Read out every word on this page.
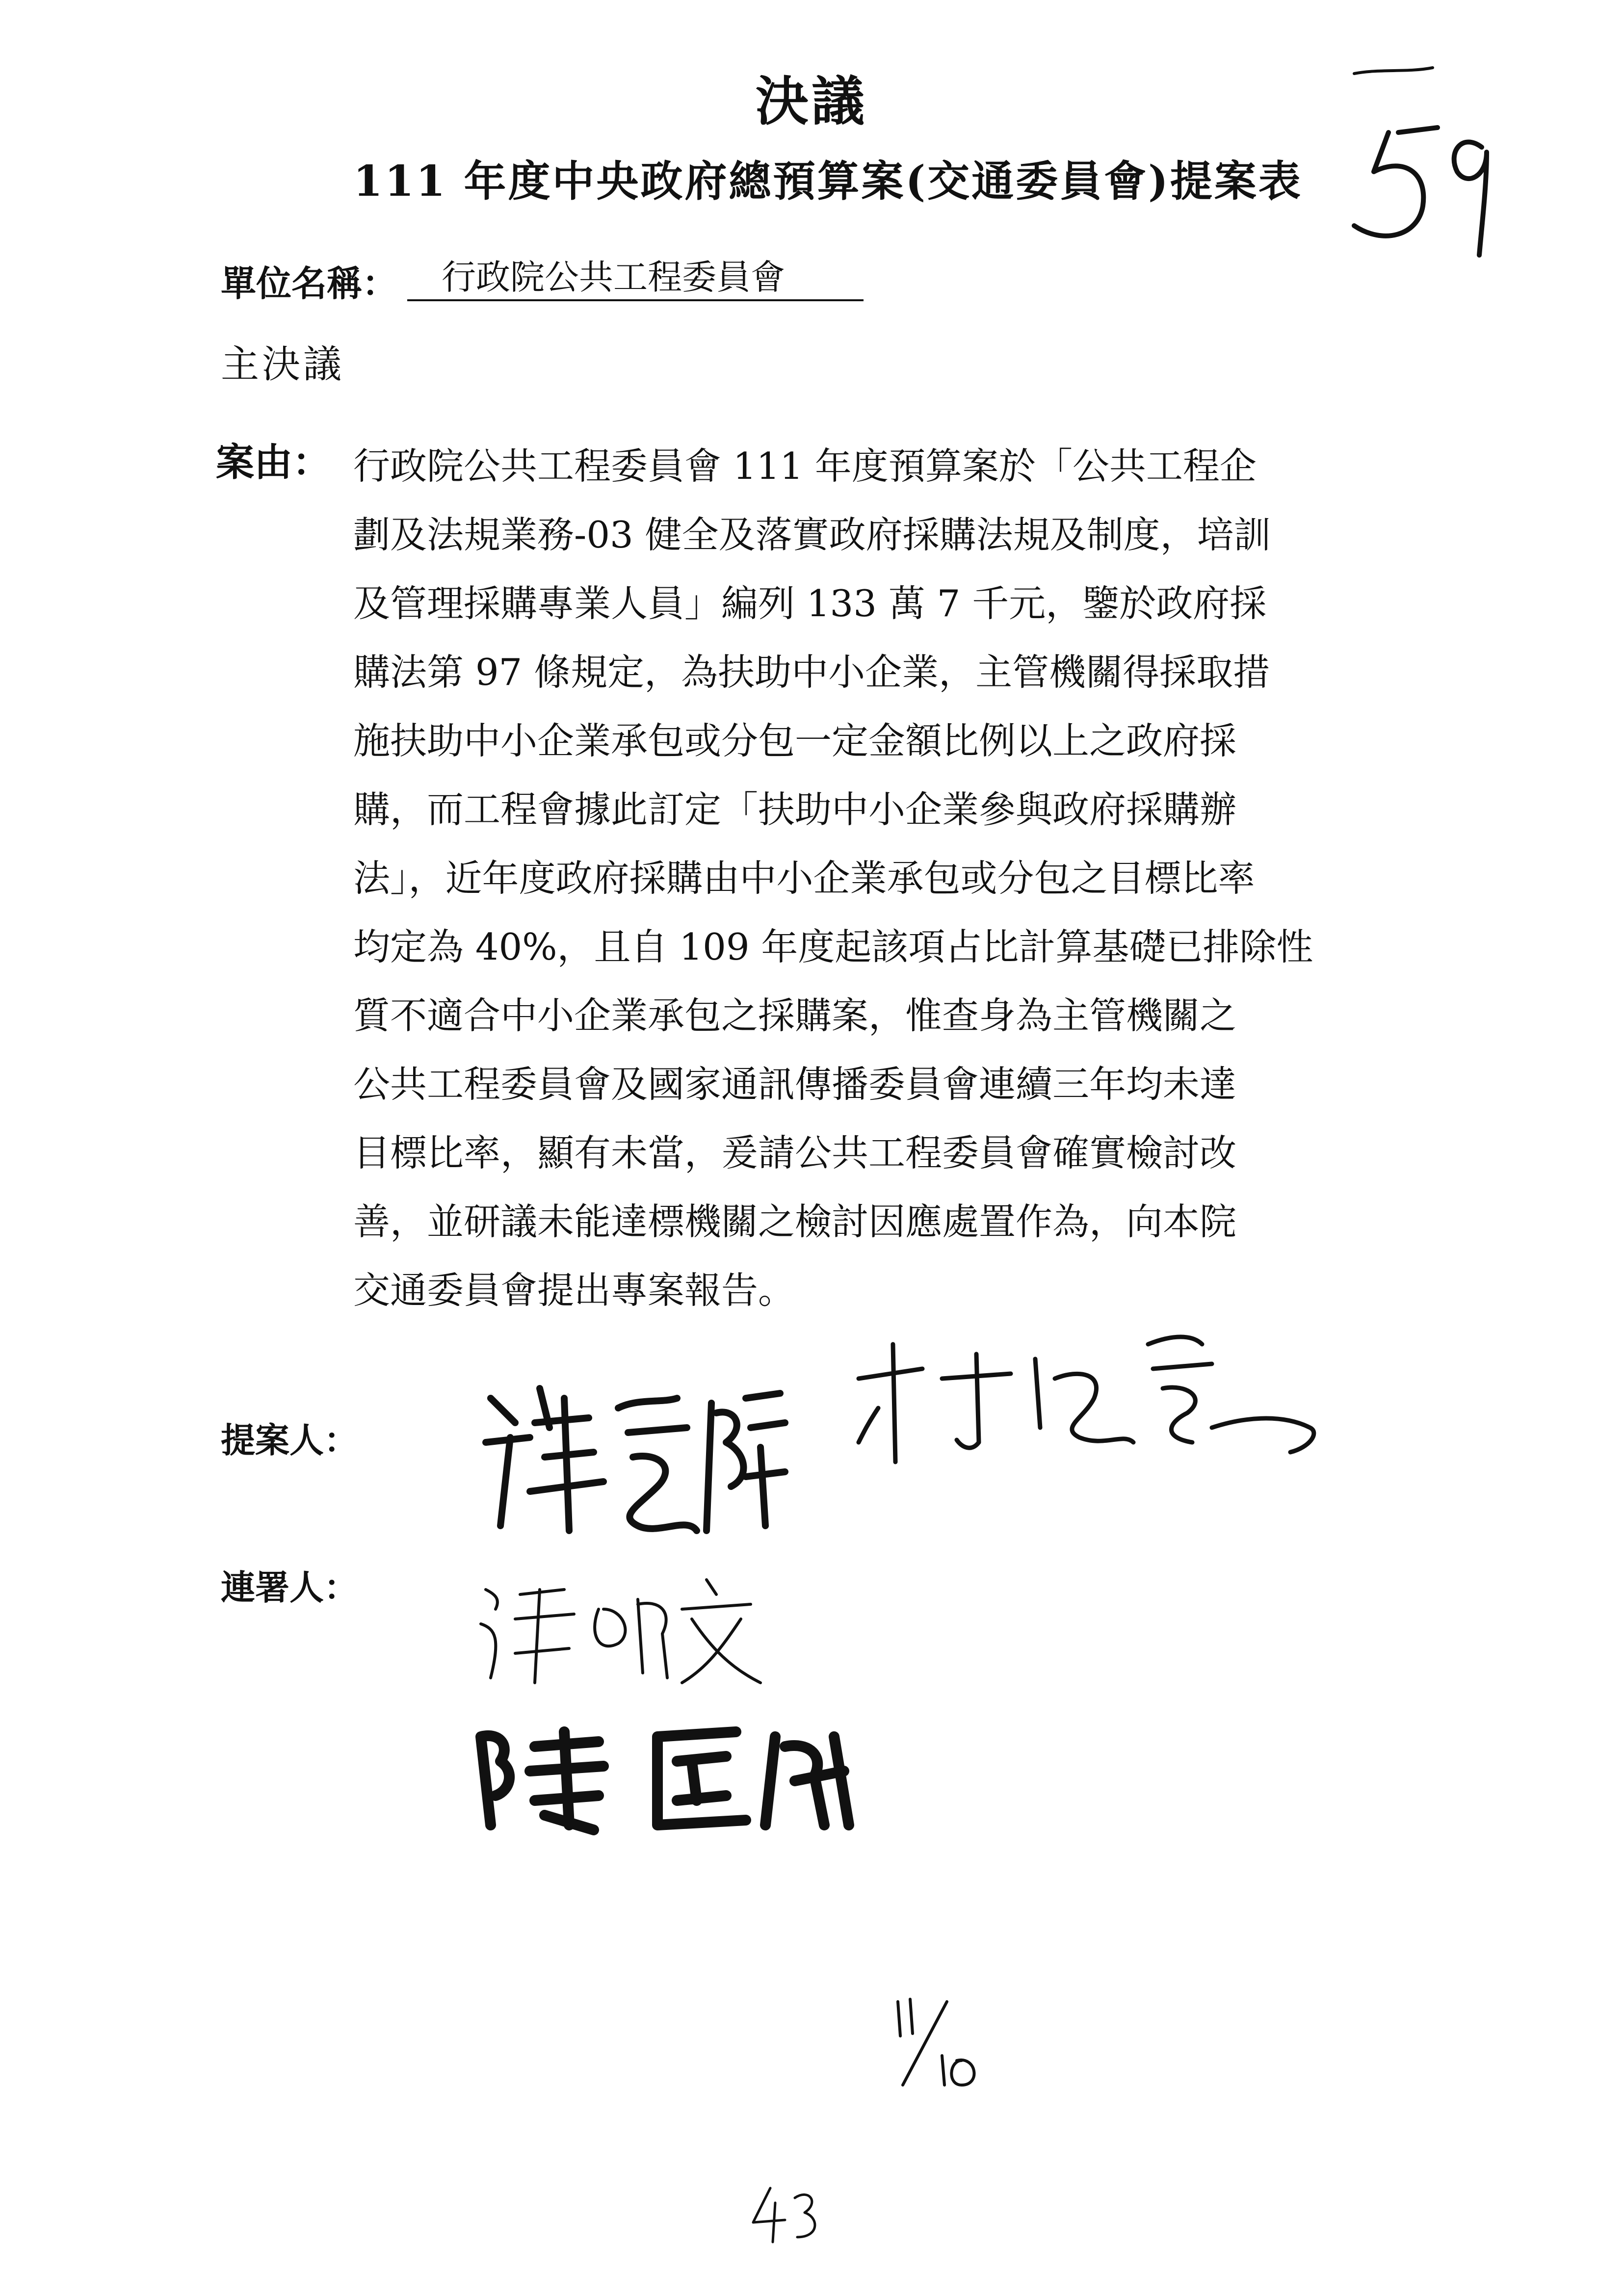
決議
111 年度中央政府總預算案(交通委員會)提案表
單位名稱：	行政院公共工程委員會
主決議
案由： 行政院公共工程委員會 111 年度預算案於「公共工程企
劃及法規業務-03 健全及落實政府採購法規及制度，培訓
及管理採購專業人員」編列 133 萬 7 千元，鑒於政府採
購法第 97 條規定，為扶助中小企業，主管機關得採取措
施扶助中小企業承包或分包一定金額比例以上之政府採
購，而工程會據此訂定「扶助中小企業參與政府採購辦
法」，近年度政府採購由中小企業承包或分包之目標比率
均定為 40%，且自 109 年度起該項占比計算基礎已排除性
質不適合中小企業承包之採購案，惟查身為主管機關之
公共工程委員會及國家通訊傳播委員會連續三年均未達
目標比率，顯有未當，爰請公共工程委員會確實檢討改
善，並研議未能達標機關之檢討因應處置作為，向本院
交通委員會提出專案報告。
提案人：
連署人：
